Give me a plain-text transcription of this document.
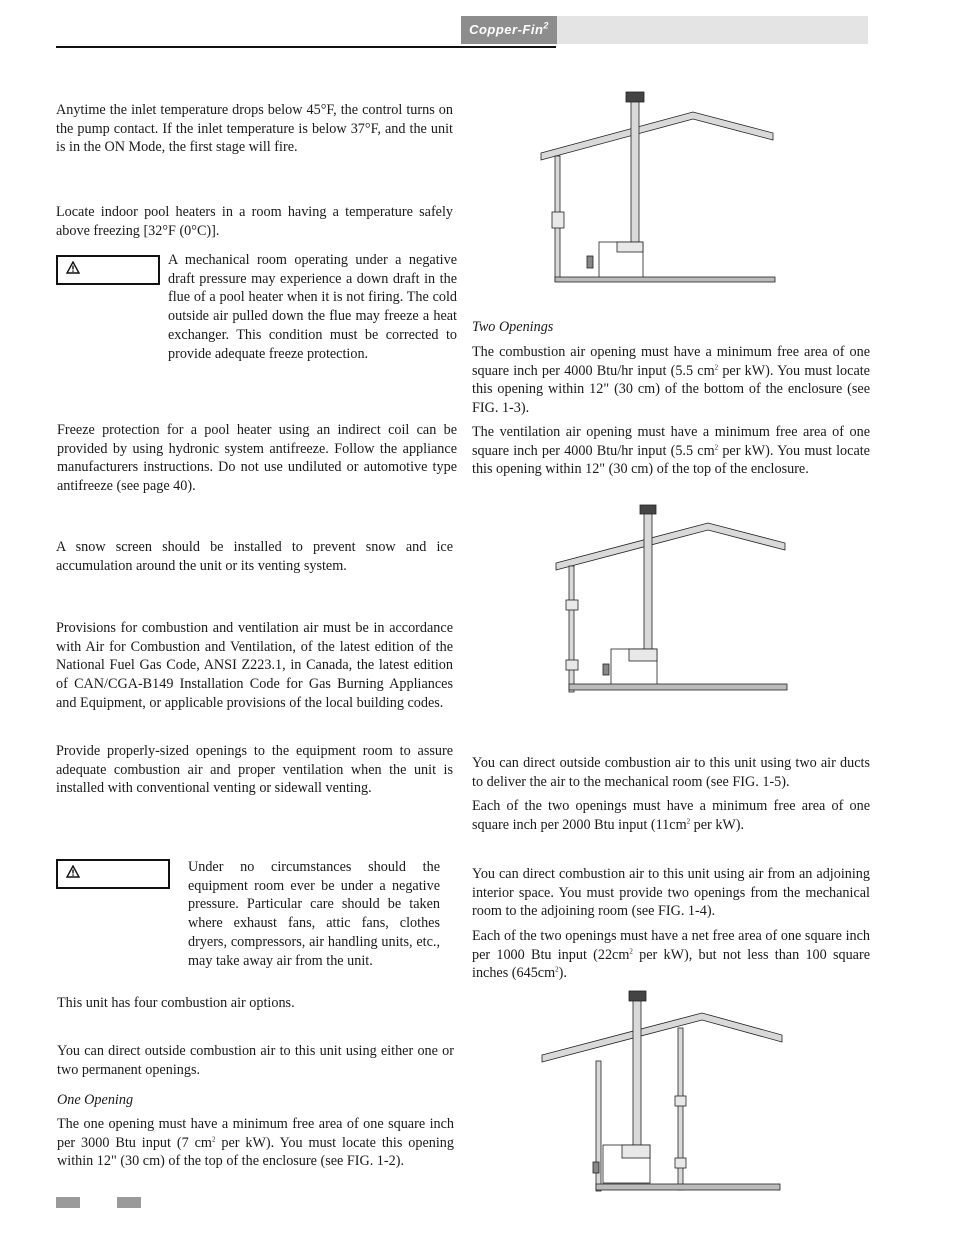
Copper-Fin$^2$

Anytime the inlet temperature drops below 45°F, the control turns on the pump contact. If the inlet temperature is below 37°F, and the unit is in the ON Mode, the first stage will fire.

Locate indoor pool heaters in a room having a temperature safely above freezing [32°F (0°C)].

A mechanical room operating under a negative draft pressure may experience a down draft in the flue of a pool heater when it is not firing. The cold outside air pulled down the flue may freeze a heat exchanger. This condition must be corrected to provide adequate freeze protection.

Freeze protection for a pool heater using an indirect coil can be provided by using hydronic system antifreeze. Follow the appliance manufacturers instructions. Do not use undiluted or automotive type antifreeze (see page 40).

A snow screen should be installed to prevent snow and ice accumulation around the unit or its venting system.

Provisions for combustion and ventilation air must be in accordance with Air for Combustion and Ventilation, of the latest edition of the National Fuel Gas Code, ANSI Z223.1, in Canada, the latest edition of CAN/CGA-B149 Installation Code for Gas Burning Appliances and Equipment, or applicable provisions of the local building codes.

Provide properly-sized openings to the equipment room to assure adequate combustion air and proper ventilation when the unit is installed with conventional venting or sidewall venting.

Under no circumstances should the equipment room ever be under a negative pressure. Particular care should be taken where exhaust fans, attic fans, clothes dryers, compressors, air handling units, etc., may take away air from the unit.

This unit has four combustion air options.

You can direct outside combustion air to this unit using either one or two permanent openings.

One Opening

The one opening must have a minimum free area of one square inch per 3000 Btu input (7 $cm^2$ per kW). You must locate this opening within 12" (30 cm) of the top of the enclosure (see FIG. 1-2).

Two Openings

The combustion air opening must have a minimum free area of one square inch per 4000 Btu/hr input (5.5 $cm^2$ per kW). You must locate this opening within 12" (30 cm) of the bottom of the enclosure (see FIG. 1-3).

The ventilation air opening must have a minimum free area of one square inch per 4000 Btu/hr input (5.5 $cm^2$ per kW). You must locate this opening within 12" (30 cm) of the top of the enclosure.

You can direct outside combustion air to this unit using two air ducts to deliver the air to the mechanical room (see FIG. 1-5).

Each of the two openings must have a minimum free area of one square inch per 2000 Btu input ($11cm^2$ per kW).

You can direct combustion air to this unit using air from an adjoining interior space. You must provide two openings from the mechanical room to the adjoining room (see FIG. 1-4).

Each of the two openings must have a net free area of one square inch per 1000 Btu input ($22cm^2$ per kW), but not less than 100 square inches $(645cm^2)$.
